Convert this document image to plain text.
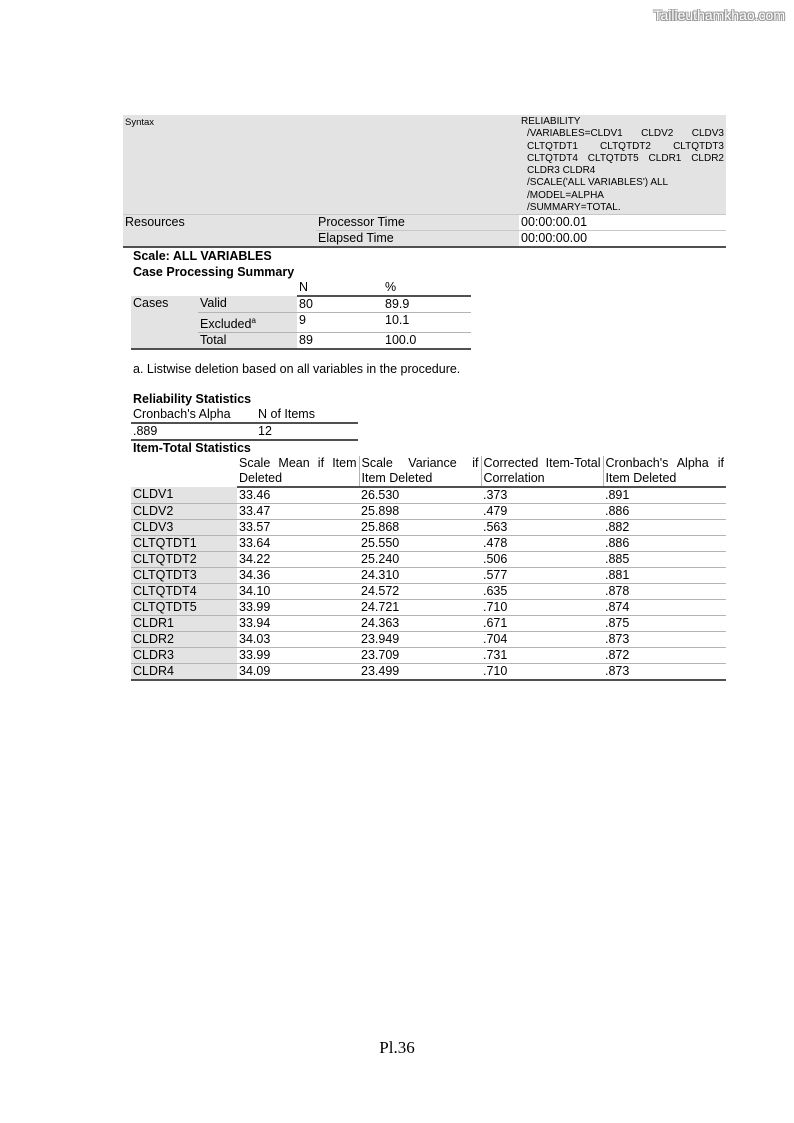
Tailieuthamkhao.com
Syntax		RELIABILITY
/VARIABLES=CLDV1 CLDV2 CLDV3 CLTQTDT1 CLTQTDT2 CLTQTDT3 CLTQTDT4 CLTQTDT5 CLDR1 CLDR2 CLDR3 CLDR4
/SCALE('ALL VARIABLES') ALL
/MODEL=ALPHA
/SUMMARY=TOTAL.

Resources	Processor Time	00:00:00.01
	Elapsed Time	00:00:00.00
Scale: ALL VARIABLES
Case Processing Summary
		N	%
Cases	Valid	80	89.9
	Excluded$^a$	9	10.1
	Total	89	100.0
a. Listwise deletion based on all variables in the procedure.
Reliability Statistics
Cronbach's Alpha	N of Items
.889	12
Item-Total Statistics
	Scale Mean if Item Deleted	Scale Variance if Item Deleted	Corrected Item-Total Correlation	Cronbach's Alpha if Item Deleted
CLDV1	33.46	26.530	.373	.891
CLDV2	33.47	25.898	.479	.886
CLDV3	33.57	25.868	.563	.882
CLTQTDT1	33.64	25.550	.478	.886
CLTQTDT2	34.22	25.240	.506	.885
CLTQTDT3	34.36	24.310	.577	.881
CLTQTDT4	34.10	24.572	.635	.878
CLTQTDT5	33.99	24.721	.710	.874
CLDR1	33.94	24.363	.671	.875
CLDR2	34.03	23.949	.704	.873
CLDR3	33.99	23.709	.731	.872
CLDR4	34.09	23.499	.710	.873
Pl.36
